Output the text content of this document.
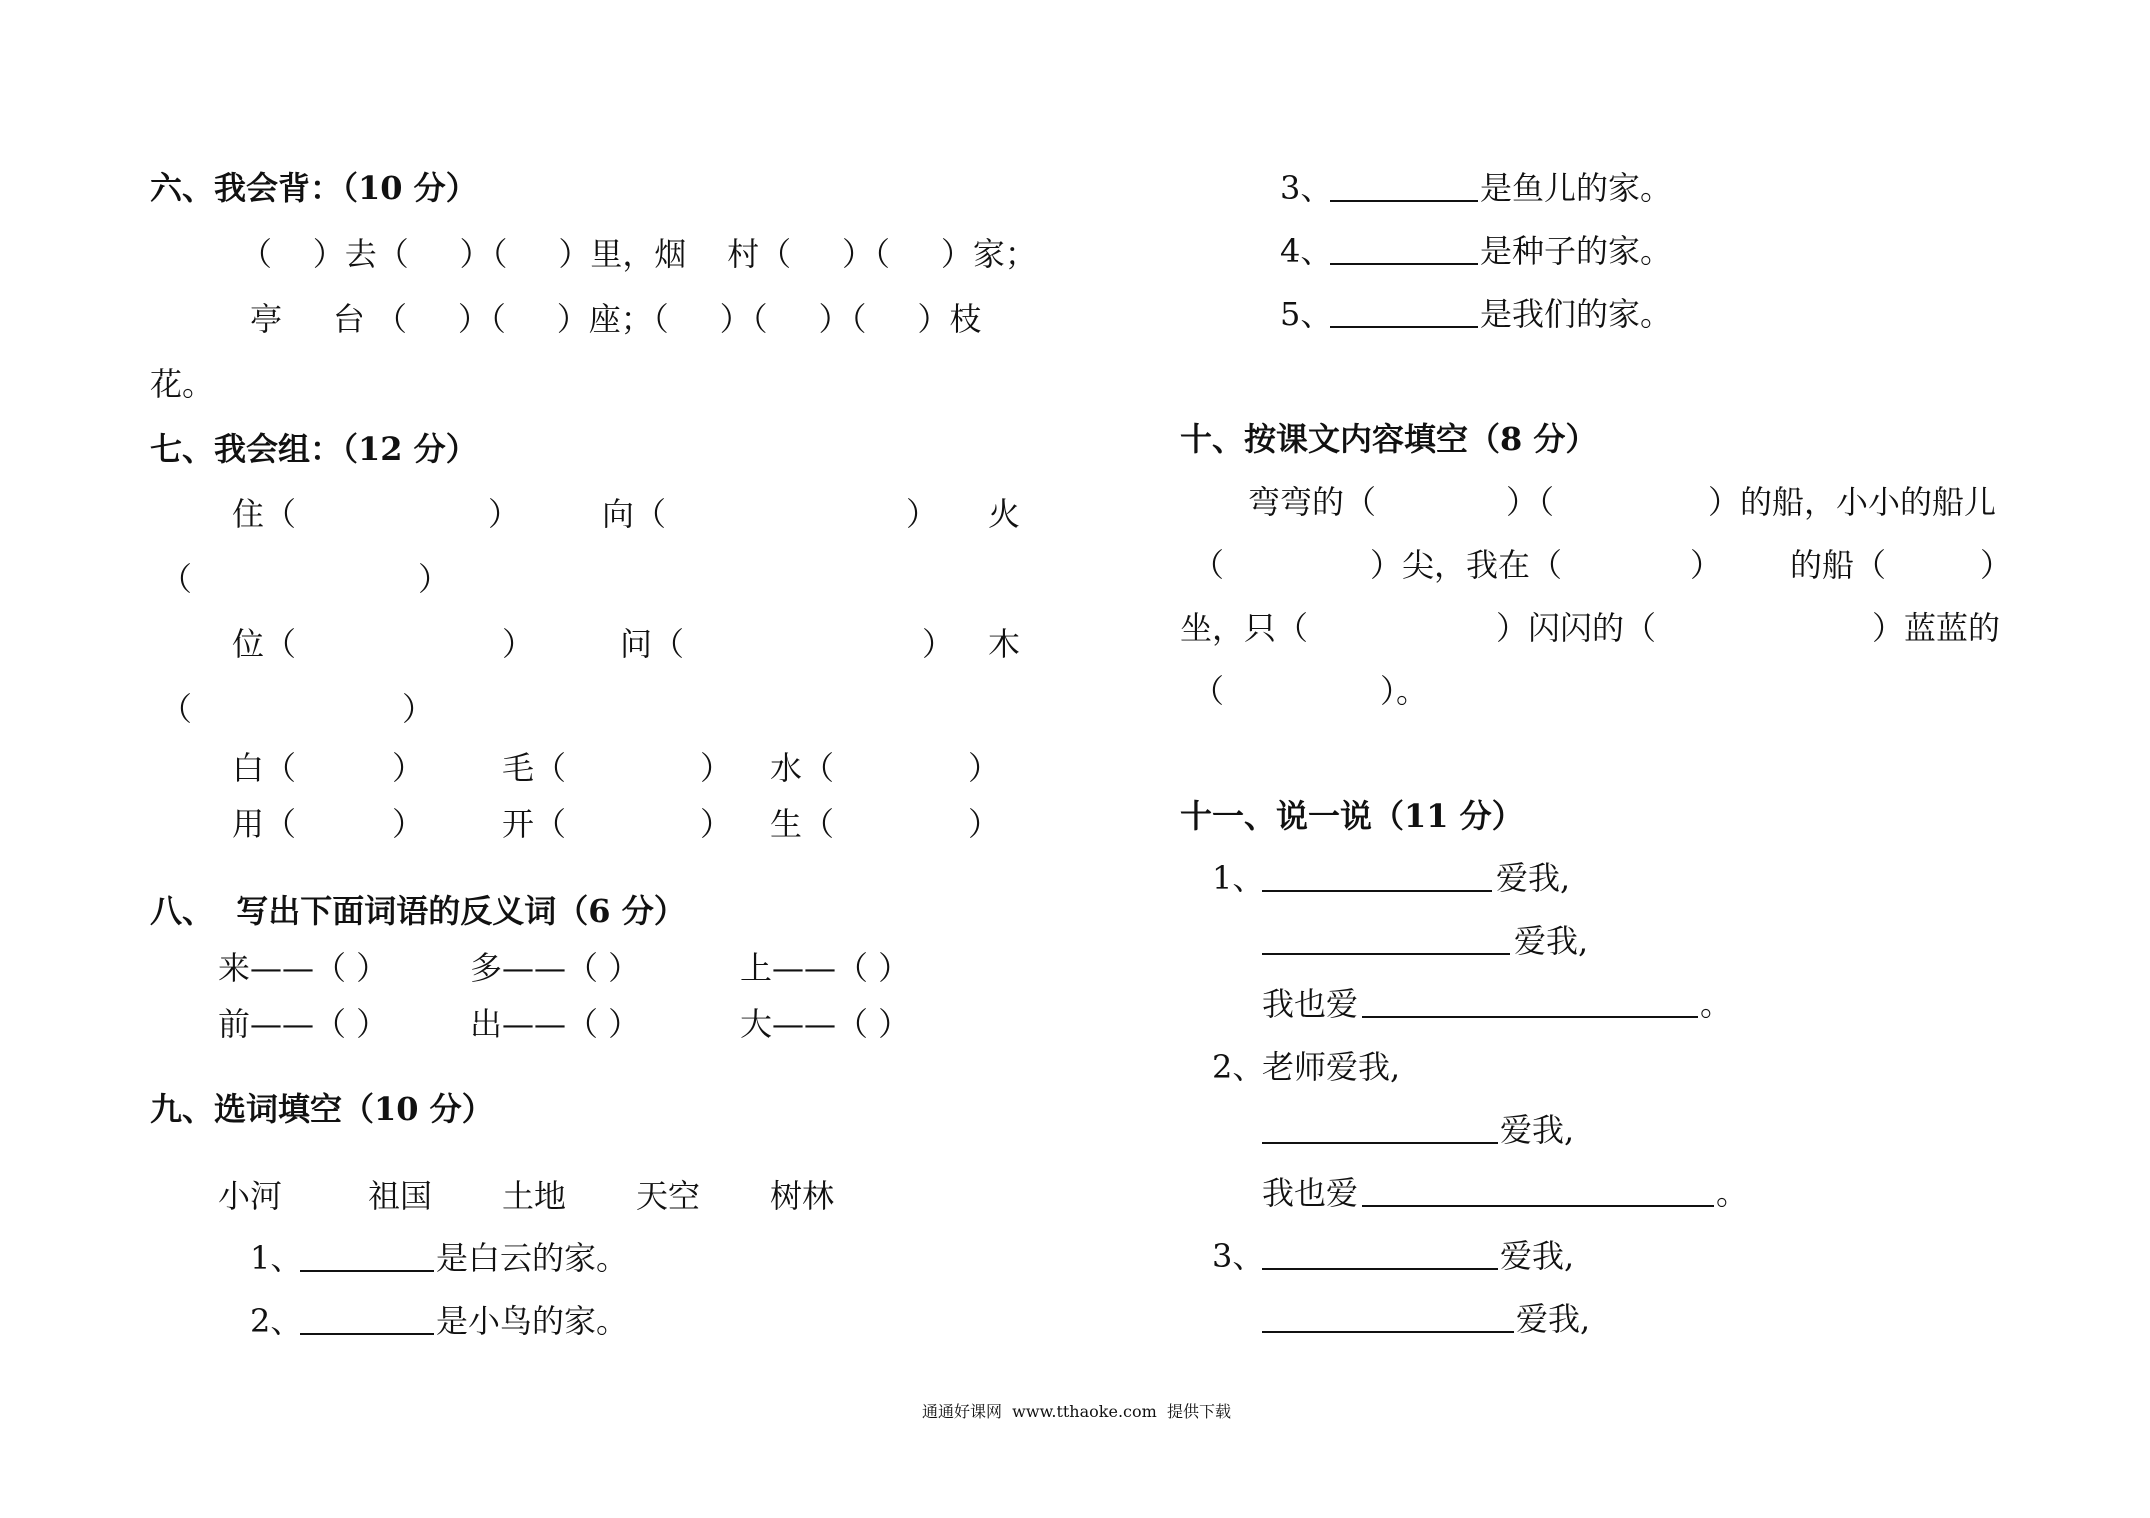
六、我会背：（10 分）
（    ）去（     ）（     ）里，烟    村（     ）（     ）家；
亭     台 （     ）（     ）座；（     ）（     ）（     ）枝
花。
七、我会组：（12 分）
住（	）	向（	） 火
（	）
位（	）	问（	） 木
（	）
白（	） 毛（	） 水（	）
用（	） 开（	） 生（	）
八、  写出下面词语的反义词（6 分）
来——（ ）	多——（ ）	上——（ ）
前——（ ）	出——（ ）	大——（ ）
九、选词填空（10 分）
小河	祖国 土地 天空 树林
1、	是白云的家。
2、	是小鸟的家。
3、	是鱼儿的家。
4、	是种子的家。
5、	是我们的家。
十、按课文内容填空（8 分）
弯弯的（	）（	）的船，小小的船儿
（	）尖，我在（	） 的船（	）
坐，只（	）闪闪的（	）蓝蓝的
（	）。
十一、说一说（11 分）
1、	爱我,
爱我,
我也爱	。
2、
老师爱我,
爱我,
我也爱	。
3、	爱我,
爱我,
通通好课网  www.tthaoke.com  提供下载
